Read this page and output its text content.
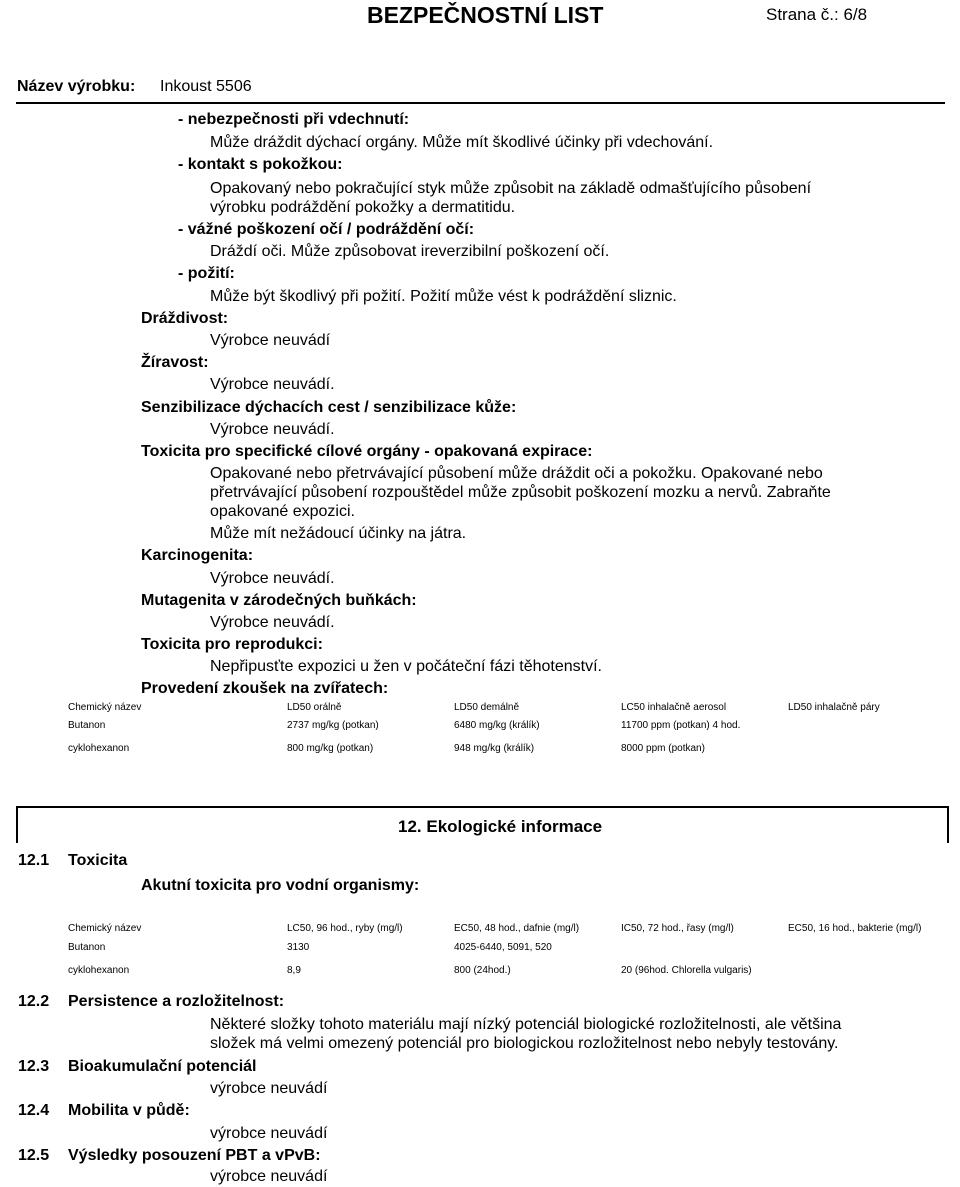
BEZPEČNOSTNÍ LIST	Strana č.: 6/8
Název výrobku: Inkoust 5506
- nebezpečnosti při vdechnutí:
Může dráždit dýchací orgány. Může mít škodlivé účinky při vdechování.
- kontakt s pokožkou:
Opakovaný nebo pokračující styk může způsobit na základě odmašťujícího působení
výrobku podráždění pokožky a dermatitidu.
- vážné poškození očí / podráždění očí:
Dráždí oči. Může způsobovat ireverzibilní poškození očí.
- požití:
Může být škodlivý při požití. Požití může vést k podráždění sliznic.
Dráždivost:
Výrobce neuvádí
Žíravost:
Výrobce neuvádí.
Senzibilizace dýchacích cest / senzibilizace kůže:
Výrobce neuvádí.
Toxicita pro specifické cílové orgány - opakovaná expirace:
Opakované nebo přetrvávající působení může dráždit oči a pokožku. Opakované nebo
přetrvávající působení rozpouštědel může způsobit poškození mozku a nervů. Zabraňte
opakované expozici.
Může mít nežádoucí účinky na játra.
Karcinogenita:
Výrobce neuvádí.
Mutagenita v zárodečných buňkách:
Výrobce neuvádí.
Toxicita pro reprodukci:
Nepřipusťte expozici u žen v počáteční fázi těhotenství.
Provedení zkoušek na zvířatech:
Chemický název	LD50 orálně	LD50 demálně	LC50 inhalačně aerosol	LD50 inhalačně páry
Butanon	2737 mg/kg (potkan)	6480 mg/kg (králík)	11700 ppm (potkan) 4 hod.
cyklohexanon	800 mg/kg (potkan)	948 mg/kg (králík)	8000 ppm (potkan)
12. Ekologické informace
12.1 Toxicita
Akutní toxicita pro vodní organismy:
Chemický název	LC50, 96 hod., ryby (mg/l)	EC50, 48 hod., dafnie (mg/l)	IC50, 72 hod., řasy (mg/l)	EC50, 16 hod., bakterie (mg/l)
Butanon	3130	4025-6440, 5091, 520
cyklohexanon	8,9	800 (24hod.)	20 (96hod. Chlorella vulgaris)
12.2 Persistence a rozložitelnost:
Některé složky tohoto materiálu mají nízký potenciál biologické rozložitelnosti, ale většina
složek má velmi omezený potenciál pro biologickou rozložitelnost nebo nebyly testovány.
12.3 Bioakumulační potenciál
výrobce neuvádí
12.4 Mobilita v půdě:
výrobce neuvádí
12.5 Výsledky posouzení PBT a vPvB:
výrobce neuvádí
